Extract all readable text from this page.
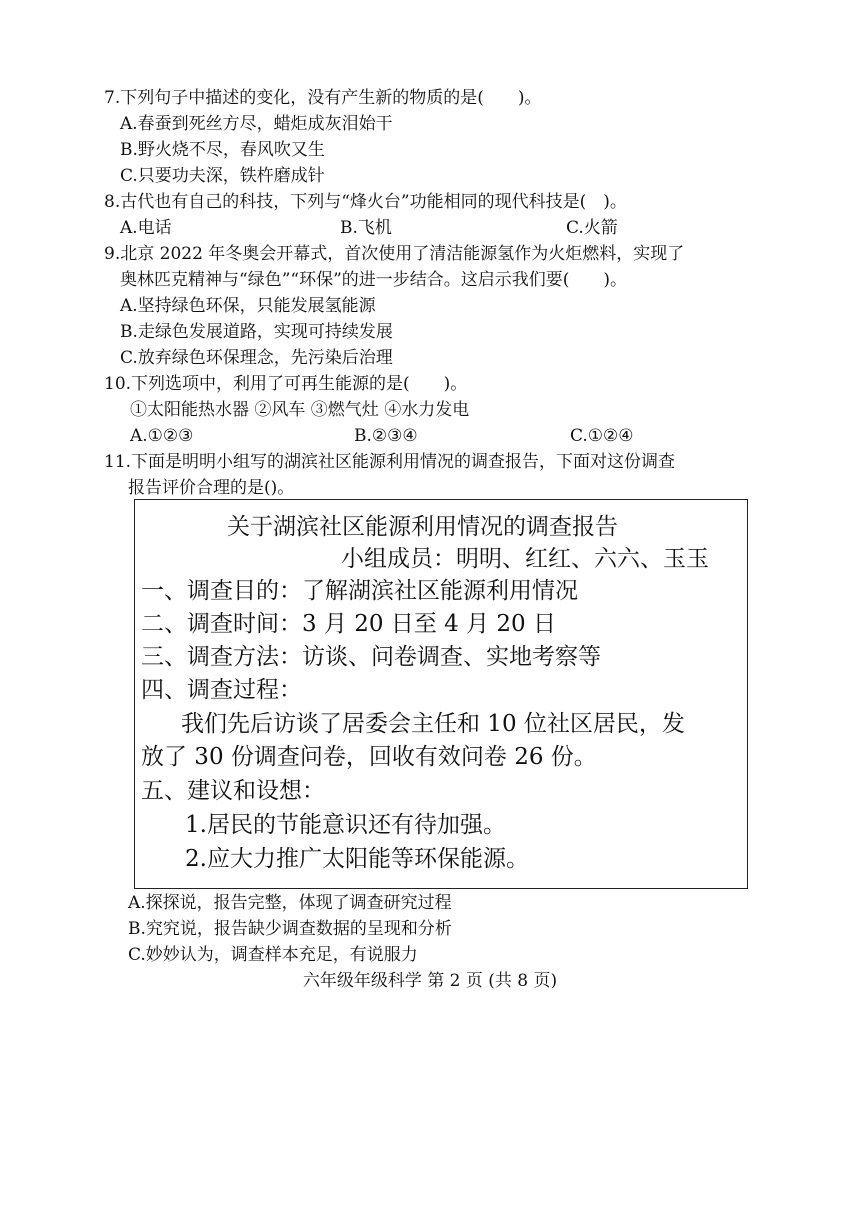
7.下列句子中描述的变化，没有产生新的物质的是(　　)。
A.春蚕到死丝方尽，蜡炬成灰泪始干
B.野火烧不尽，春风吹又生
C.只要功夫深，铁杵磨成针
8.古代也有自己的科技，下列与“烽火台”功能相同的现代科技是(　)。
A.电话	B.飞机	C.火箭
9.北京 2022 年冬奥会开幕式，首次使用了清洁能源氢作为火炬燃料，实现了
奥林匹克精神与“绿色”“环保”的进一步结合。这启示我们要(　　)。
A.坚持绿色环保，只能发展氢能源
B.走绿色发展道路，实现可持续发展
C.放弃绿色环保理念，先污染后治理
10.下列选项中，利用了可再生能源的是(　　)。
①太阳能热水器 ②风车 ③燃气灶 ④水力发电
A.①②③	B.②③④	C.①②④
11.下面是明明小组写的湖滨社区能源利用情况的调查报告，下面对这份调查
报告评价合理的是()。
关于湖滨社区能源利用情况的调查报告
小组成员：明明、红红、六六、玉玉
一、调查目的：了解湖滨社区能源利用情况
二、调查时间：3 月 20 日至 4 月 20 日
三、调查方法：访谈、问卷调查、实地考察等
四、调查过程：
我们先后访谈了居委会主任和 10 位社区居民，发
放了 30 份调查问卷，回收有效问卷 26 份。
五、建议和设想：
1.居民的节能意识还有待加强。
2.应大力推广太阳能等环保能源。
A.探探说，报告完整，体现了调查研究过程
B.究究说，报告缺少调查数据的呈现和分析
C.妙妙认为，调查样本充足，有说服力
六年级年级科学 第 2 页 (共 8 页)
